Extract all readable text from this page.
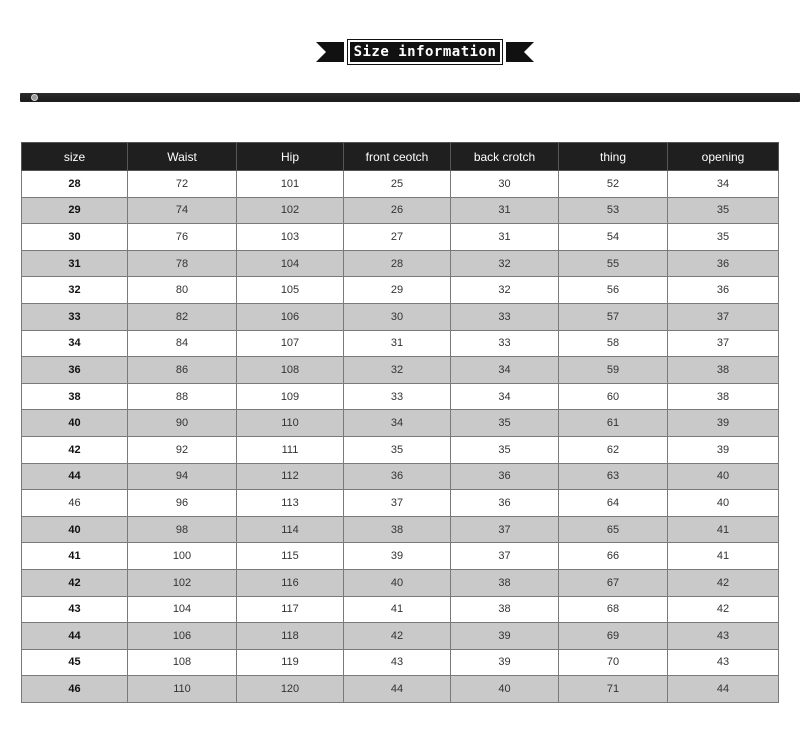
Size information
size	Waist	Hip	front ceotch	back crotch	thing	opening
28	72	101	25	30	52	34
29	74	102	26	31	53	35
30	76	103	27	31	54	35
31	78	104	28	32	55	36
32	80	105	29	32	56	36
33	82	106	30	33	57	37
34	84	107	31	33	58	37
36	86	108	32	34	59	38
38	88	109	33	34	60	38
40	90	110	34	35	61	39
42	92	111	35	35	62	39
44	94	112	36	36	63	40
46	96	113	37	36	64	40
40	98	114	38	37	65	41
41	100	115	39	37	66	41
42	102	116	40	38	67	42
43	104	117	41	38	68	42
44	106	118	42	39	69	43
45	108	119	43	39	70	43
46	110	120	44	40	71	44
